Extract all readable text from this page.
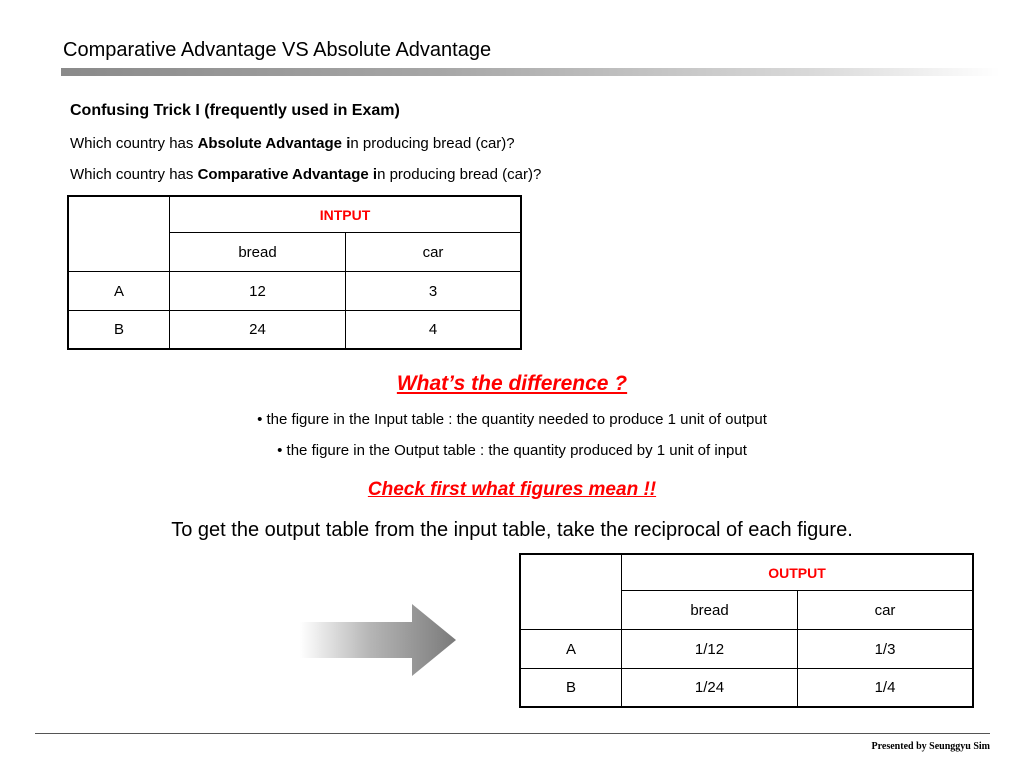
Comparative Advantage VS Absolute Advantage
Confusing Trick I (frequently used in Exam)
Which country has Absolute Advantage in producing bread (car)?
Which country has Comparative Advantage in producing bread (car)?
	INTPUT	
	bread	car
A	12	3
B	24	4
What’s the difference ?
• the figure in the Input table : the quantity needed to produce 1 unit of output
• the figure in the Output table : the quantity produced by 1 unit of input
Check first what figures mean !!
To get the output table from the input table, take the reciprocal of each figure.
	OUTPUT	
	bread	car
A	1/12	1/3
B	1/24	1/4
Presented by Seunggyu Sim
